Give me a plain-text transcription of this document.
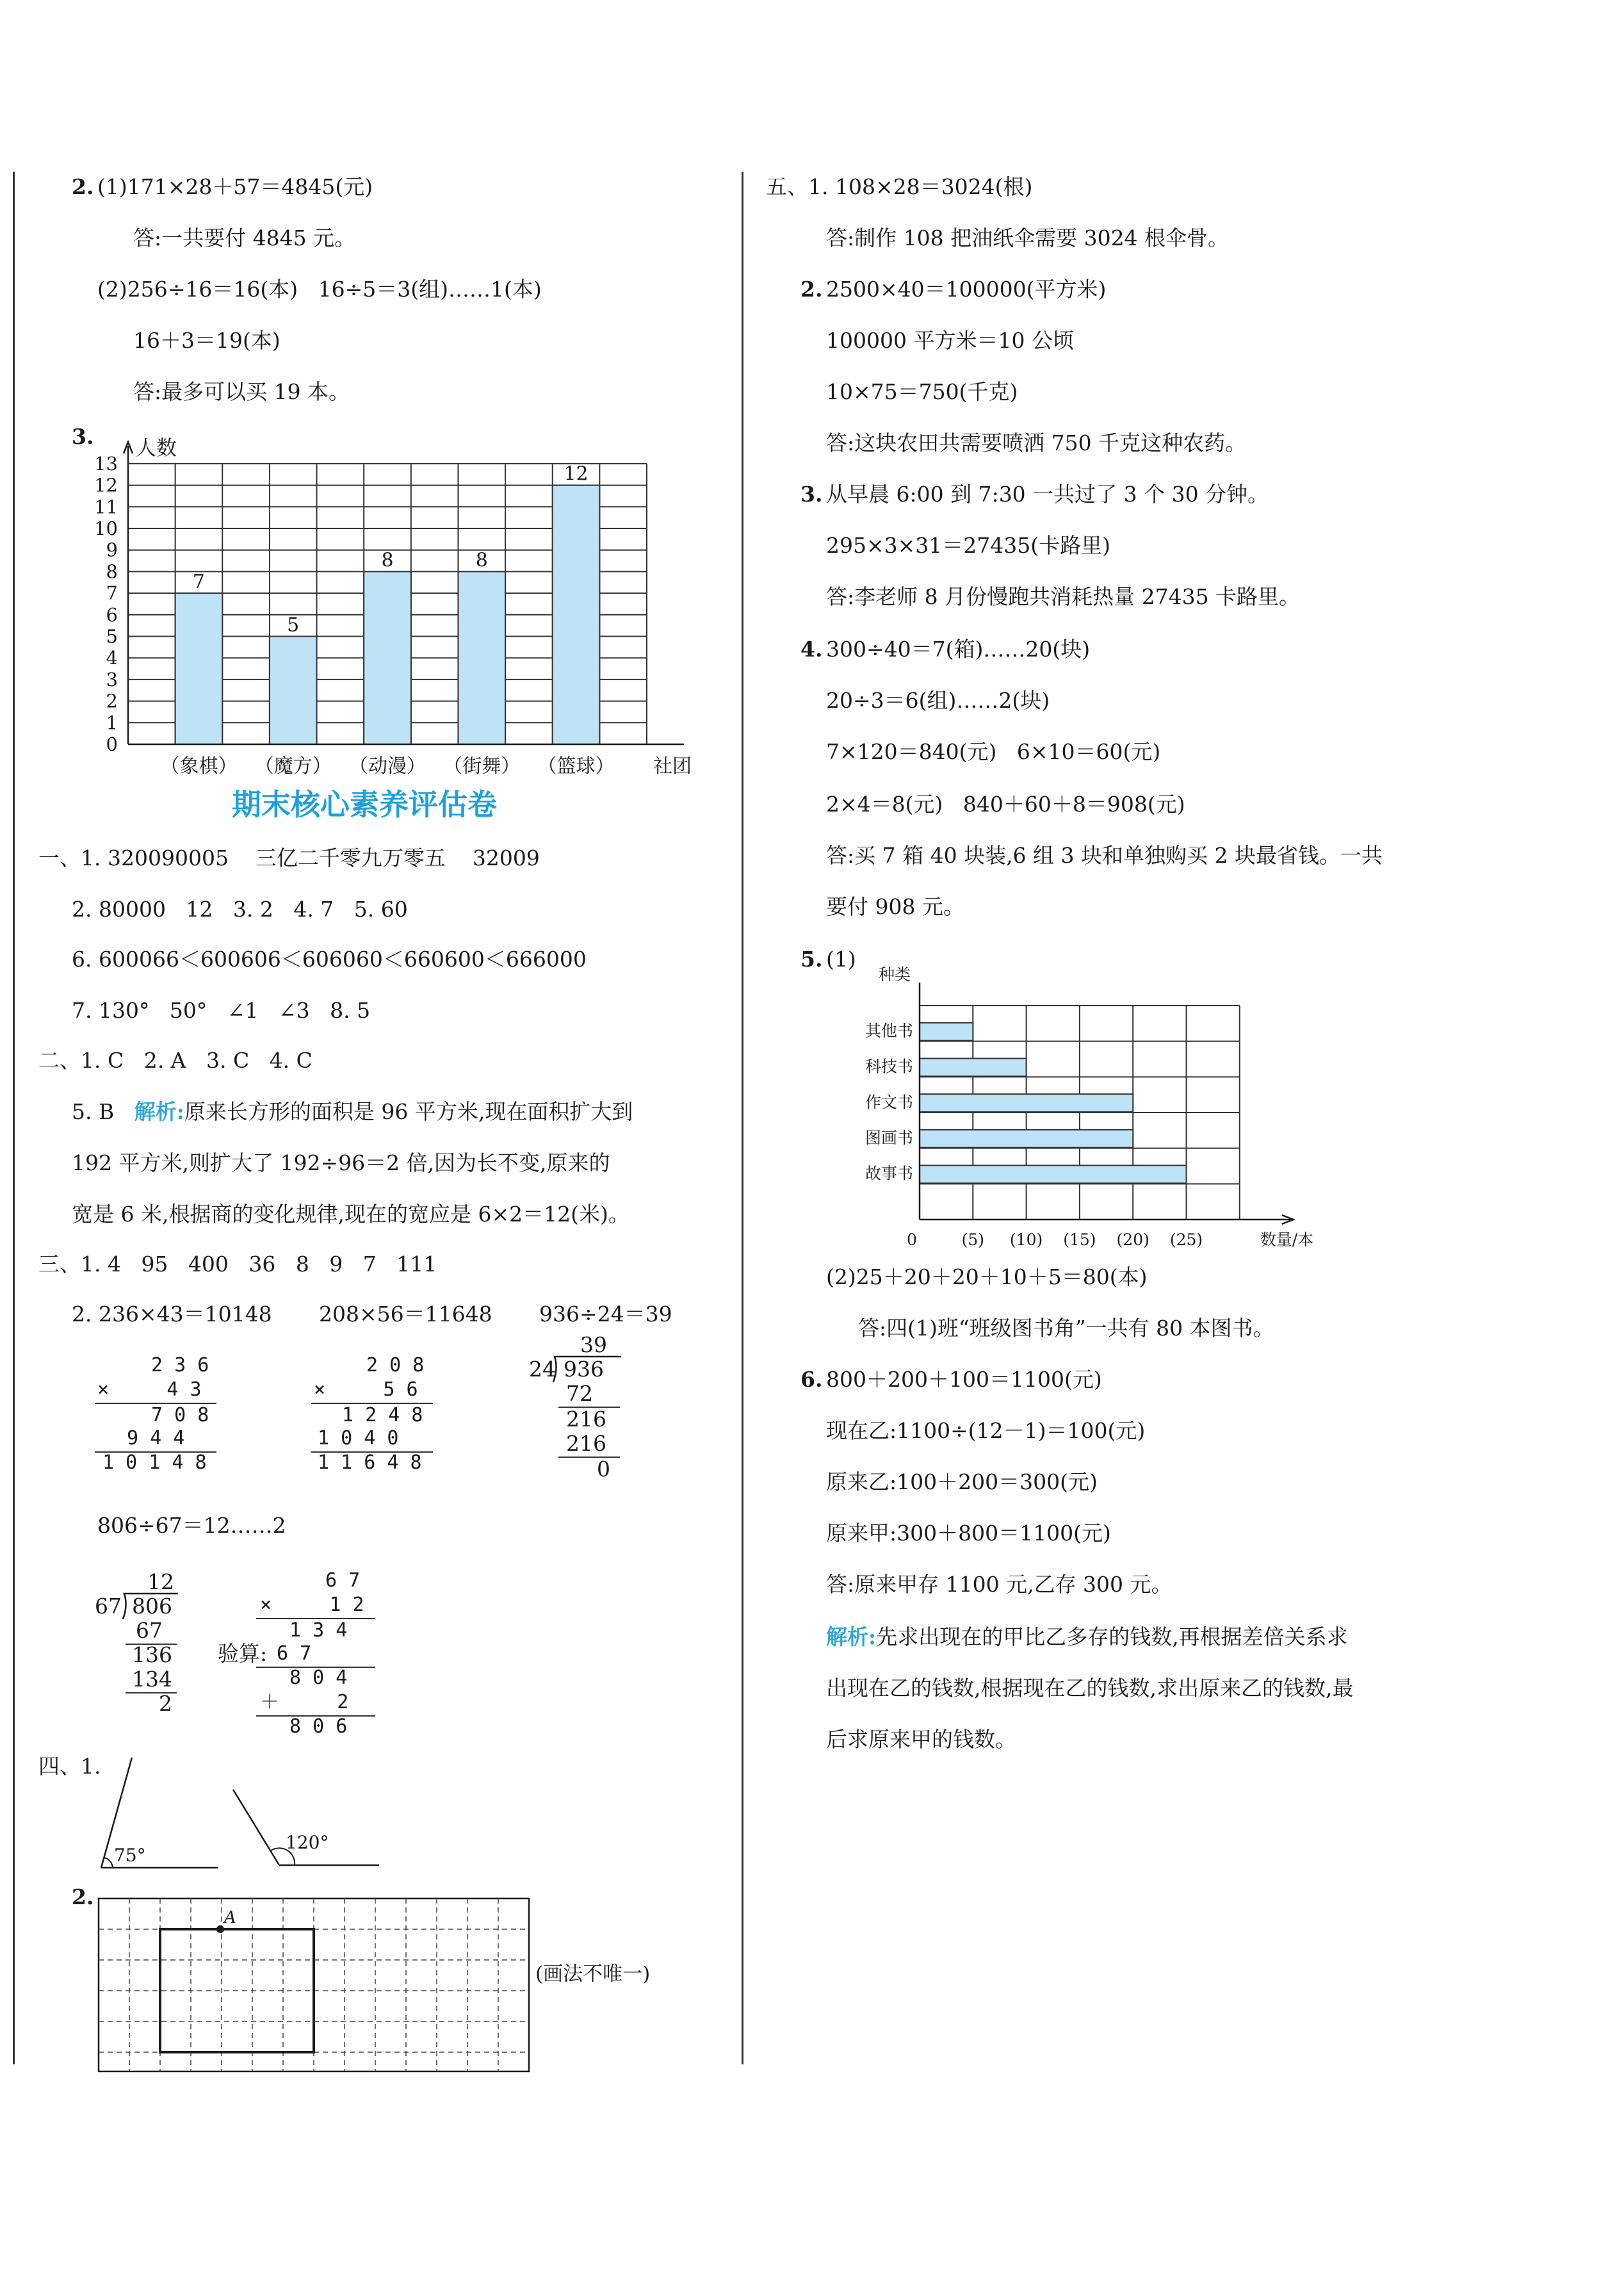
2. (1)171×28＋57＝4845(元)
答:一共要付 4845 元。
(2)256÷16＝16(本)   16÷5＝3(组)……1(本)
16＋3＝19(本)
答:最多可以买 19 本。
3.
7
（象棋）
5
（魔方）
8
（动漫）
8
（街舞）
12
（篮球）
0
1
2
3
4
5
6
7
8
9
10
11
12
13
人数
社团
期末核心素养评估卷
一、1. 320090005    三亿二千零九万零五    32009
2. 80000   12   3. 2   4. 7   5. 60
6. 600066＜600606＜606060＜660600＜666000
7. 130°   50°   ∠1   ∠3   8. 5
二、1. C   2. A   3. C   4. C
5. B   解析:原来长方形的面积是 96 平方米,现在面积扩大到
192 平方米,则扩大了 192÷96＝2 倍,因为长不变,原来的
宽是 6 米,根据商的变化规律,现在的宽应是 6×2＝12(米)。
三、1. 4   95   400   36   8   9   7   111
2. 236×43＝10148       208×56＝11648       936÷24＝39
2 3 6
×     4 3
7 0 8
9 4 4
1 0 1 4 8
2 0 8
×     5 6
1 2 4 8
1 0 4 0
1 1 6 4 8
39
24 936
72
216
216
0
806÷67＝12……2
12
67 806
67
136
134
2
验算:
6 7
×     1 2
1 3 4
6 7
8 0 4
＋     2
8 0 6
四、1.
75°
120°
2.
A
(画法不唯一)
五、1. 108×28＝3024(根)
答:制作 108 把油纸伞需要 3024 根伞骨。
2. 2500×40＝100000(平方米)
100000 平方米＝10 公顷
10×75＝750(千克)
答:这块农田共需要喷洒 750 千克这种农药。
3. 从早晨 6:00 到 7:30 一共过了 3 个 30 分钟。
295×3×31＝27435(卡路里)
答:李老师 8 月份慢跑共消耗热量 27435 卡路里。
4. 300÷40＝7(箱)……20(块)
20÷3＝6(组)……2(块)
7×120＝840(元)   6×10＝60(元)
2×4＝8(元)   840＋60＋8＝908(元)
答:买 7 箱 40 块装,6 组 3 块和单独购买 2 块最省钱。一共
要付 908 元。
5. (1)
其他书
科技书
作文书
图画书
故事书
0	(5) (10) (15) (20) (25)
种类
数量/本
(2)25＋20＋20＋10＋5＝80(本)
答:四(1)班“班级图书角”一共有 80 本图书。
6. 800＋200＋100＝1100(元)
现在乙:1100÷(12－1)＝100(元)
原来乙:100＋200＝300(元)
原来甲:300＋800＝1100(元)
答:原来甲存 1100 元,乙存 300 元。
解析:先求出现在的甲比乙多存的钱数,再根据差倍关系求
出现在乙的钱数,根据现在乙的钱数,求出原来乙的钱数,最
后求原来甲的钱数。
